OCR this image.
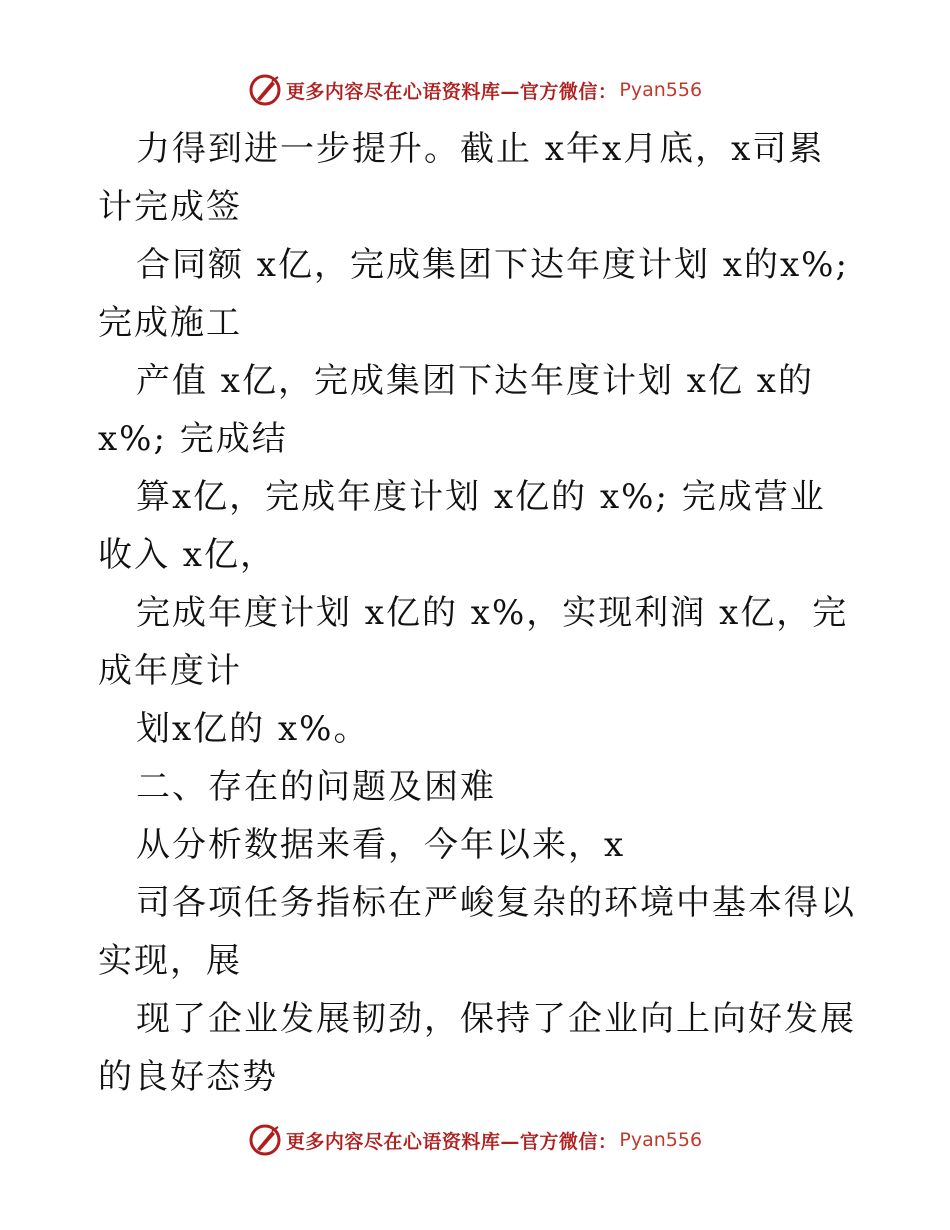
更多内容尽在心语资料库—官方微信： Pyan556

力得到进一步提升。截止 x年x月底，x司累计完成签

合同额 x亿，完成集团下达年度计划 x的x%; 完成施工

产值 x亿，完成集团下达年度计划 x亿 x的 x%; 完成结

算x亿，完成年度计划 x亿的 x%; 完成营业收入 x亿，

完成年度计划 x亿的 x%，实现利润 x亿，完成年度计

划x亿的 x%。

二、存在的问题及困难

从分析数据来看，今年以来，x

司各项任务指标在严峻复杂的环境中基本得以实现，展

现了企业发展韧劲，保持了企业向上向好发展的良好态势

更多内容尽在心语资料库—官方微信： Pyan556
